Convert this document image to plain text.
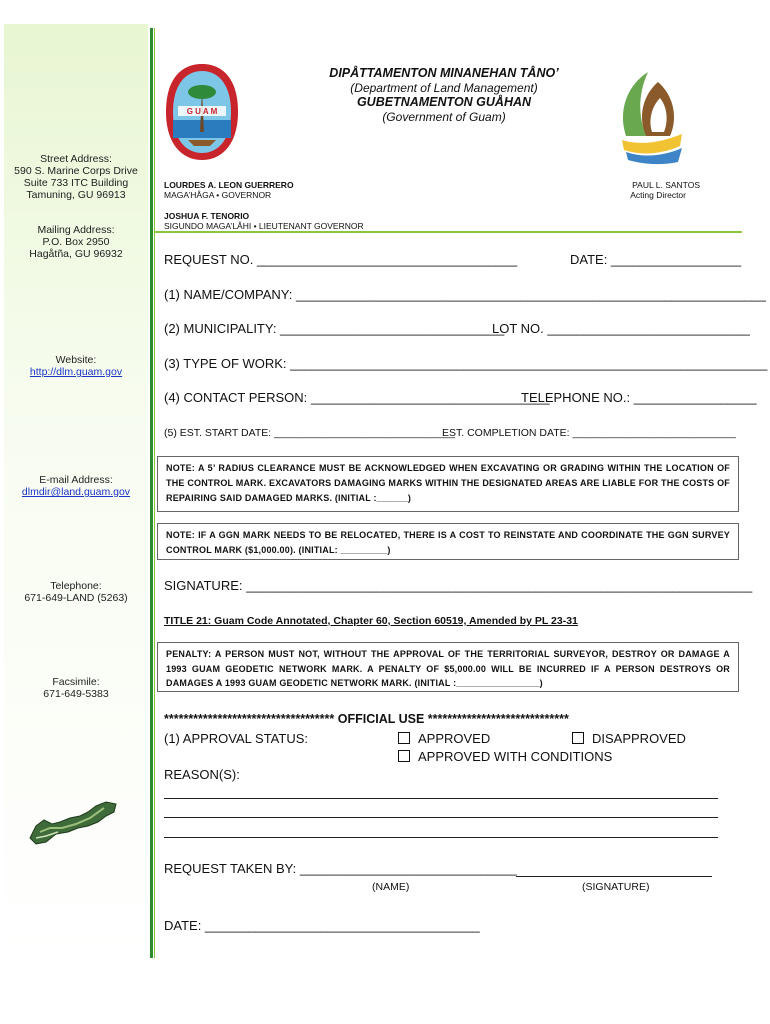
Street Address:
590 S. Marine Corps Drive
Suite 733 ITC Building
Tamuning, GU 96913
Mailing Address:
P.O. Box 2950
Hagåtña, GU 96932
Website:
http://dlm.guam.gov
E-mail Address:
dlmdir@land.guam.gov
Telephone:
671-649-LAND (5263)
Facsimile:
671-649-5383
G U A M
DIPÅTTAMENTON MINANEHAN TÅNO’
(Department of Land Management)
GUBETNAMENTON GUÅHAN
(Government of Guam)
LOURDES A. LEON GUERRERO
MAGA’HÅGA • GOVERNOR
JOSHUA F. TENORIO
SIGUNDO MAGA’LÅHI • LIEUTENANT GOVERNOR
PAUL L. SANTOS
Acting Director
REQUEST NO. ____________________________________	DATE: __________________
(1) NAME/COMPANY: _________________________________________________________________
(2) MUNICIPALITY: _______________________________
LOT NO. ____________________________
(3) TYPE OF WORK: __________________________________________________________________
(4) CONTACT PERSON: _________________________________
TELEPHONE NO.: _________________
(5) EST. START DATE: _______________________________
EST. COMPLETION DATE: ____________________________
NOTE: A 5’ RADIUS CLEARANCE MUST BE ACKNOWLEDGED WHEN EXCAVATING OR GRADING WITHIN THE LOCATION OF THE CONTROL MARK. EXCAVATORS DAMAGING MARKS WITHIN THE DESIGNATED AREAS ARE LIABLE FOR THE COSTS OF REPAIRING SAID DAMAGED MARKS. (INITIAL :______)
NOTE: IF A GGN MARK NEEDS TO BE RELOCATED, THERE IS A COST TO REINSTATE AND COORDINATE THE GGN SURVEY CONTROL MARK ($1,000.00). (INITIAL: _________)
SIGNATURE: ______________________________________________________________________
TITLE 21: Guam Code Annotated, Chapter 60, Section 60519, Amended by PL 23-31
PENALTY: A PERSON MUST NOT, WITHOUT THE APPROVAL OF THE TERRITORIAL SURVEYOR, DESTROY OR DAMAGE A 1993 GUAM GEODETIC NETWORK MARK. A PENALTY OF $5,000.00 WILL BE INCURRED IF A PERSON DESTROYS OR DAMAGES A 1993 GUAM GEODETIC NETWORK MARK. (INITIAL :________________)
*********************************** OFFICIAL USE *****************************
(1) APPROVAL STATUS:	APPROVED	DISAPPROVED
APPROVED WITH CONDITIONS
REASON(S):
REQUEST TAKEN BY: ______________________________
(NAME)	(SIGNATURE)
DATE: ______________________________________
